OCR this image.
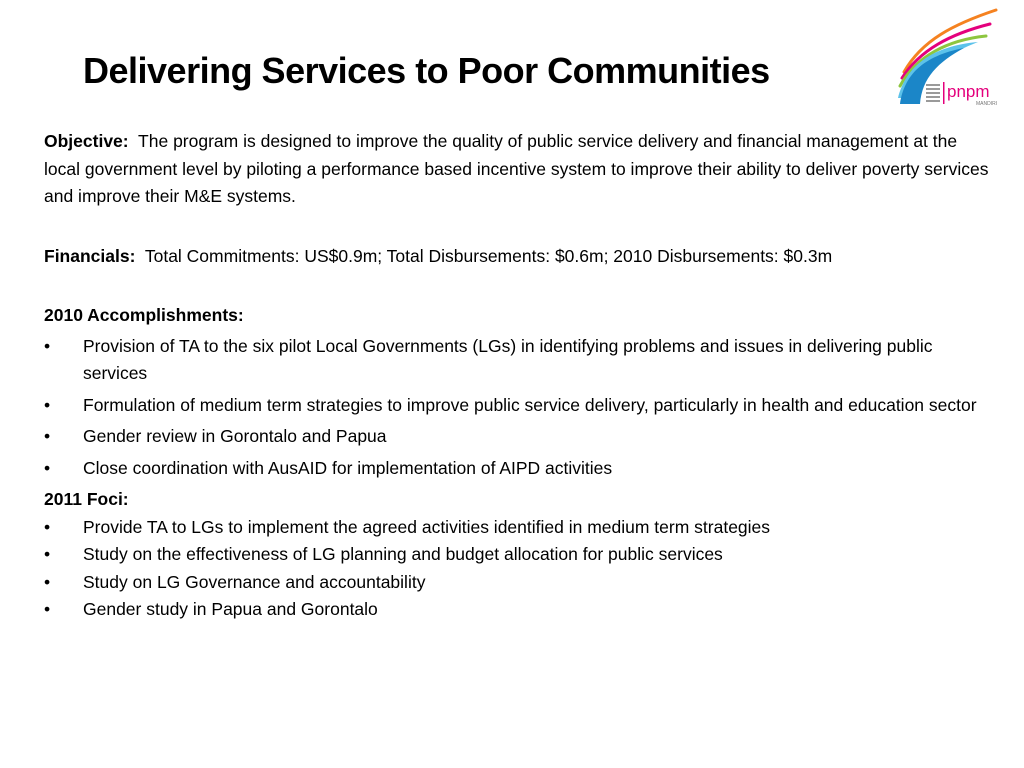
Delivering Services to Poor Communities
pnpm
MANDIRI

Objective: The program is designed to improve the quality of public service delivery and financial management at the local government level by piloting a performance based incentive system to improve their ability to deliver poverty services and improve their M&E systems.

Financials: Total Commitments: US$0.9m; Total Disbursements: $0.6m; 2010 Disbursements: $0.3m

2010 Accomplishments:

• Provision of TA to the six pilot Local Governments (LGs) in identifying problems and issues in delivering public services
• Formulation of medium term strategies to improve public service delivery, particularly in health and education sector
• Gender review in Gorontalo and Papua
• Close coordination with AusAID for implementation of AIPD activities

2011 Foci:

• Provide TA to LGs to implement the agreed activities identified in medium term strategies
• Study on the effectiveness of LG planning and budget allocation for public services
• Study on LG Governance and accountability
• Gender study in Papua and Gorontalo
